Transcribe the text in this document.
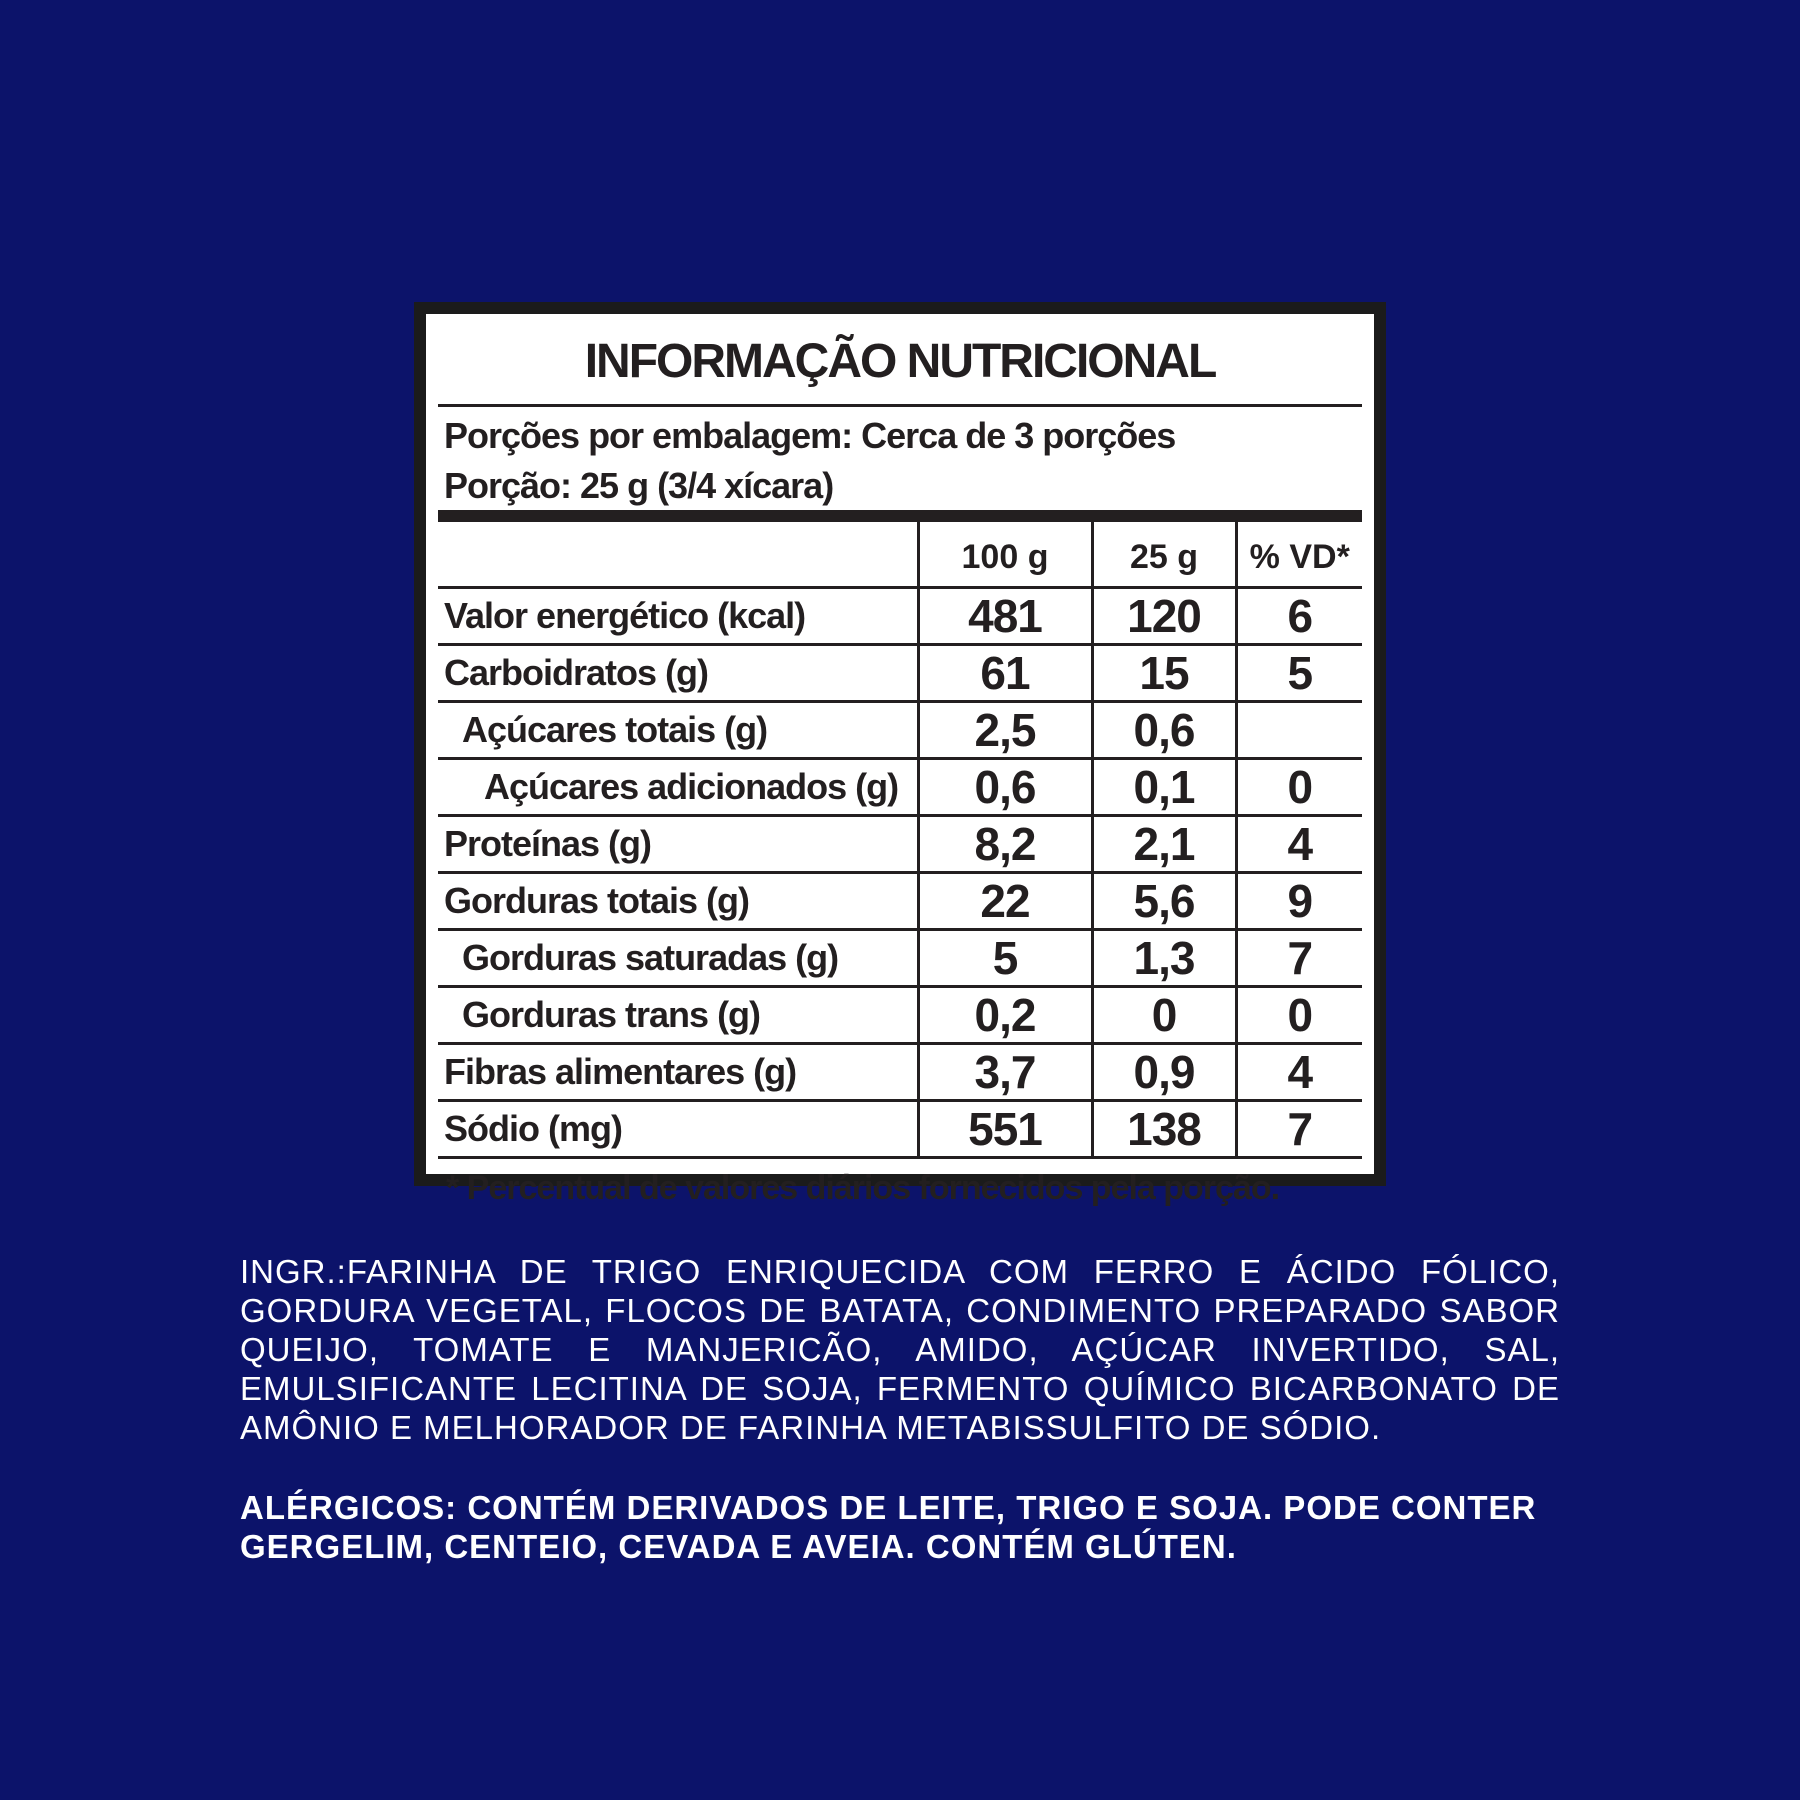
INFORMAÇÃO NUTRICIONAL
Porções por embalagem: Cerca de 3 porções
Porção: 25 g (3/4 xícara)
	100 g	25 g	% VD*
Valor energético (kcal)	481	120	6
Carboidratos (g)	61	15	5
Açúcares totais (g)	2,5	0,6	
Açúcares adicionados (g)	0,6	0,1	0
Proteínas (g)	8,2	2,1	4
Gorduras totais (g)	22	5,6	9
Gorduras saturadas (g)	5	1,3	7
Gorduras trans (g)	0,2	0	0
Fibras alimentares (g)	3,7	0,9	4
Sódio (mg)	551	138	7
* Percentual de valores diários fornecidos pela porção.
INGR.:FARINHA DE TRIGO ENRIQUECIDA COM FERRO E ÁCIDO FÓLICO, GORDURA VEGETAL, FLOCOS DE BATATA, CONDIMENTO PREPARADO SABOR QUEIJO, TOMATE E MANJERICÃO, AMIDO, AÇÚCAR INVERTIDO, SAL, EMULSIFICANTE LECITINA DE SOJA, FERMENTO QUÍMICO BICARBONATO DE AMÔNIO E MELHORADOR DE FARINHA METABISSULFITO DE SÓDIO.
ALÉRGICOS: CONTÉM DERIVADOS DE LEITE, TRIGO E SOJA. PODE CONTER GERGELIM, CENTEIO, CEVADA E AVEIA. CONTÉM GLÚTEN.
